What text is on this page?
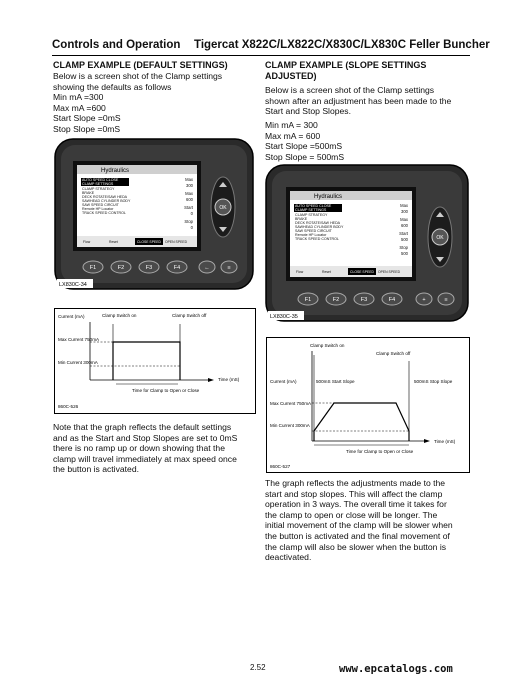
Controls and Operation Tigercat X822C/LX822C/X830C/LX830C Feller Buncher
CLAMP EXAMPLE (DEFAULT SETTINGS)
Below is a screen shot of the Clamp settings
showing the defaults as follows
Min mA =300
Max mA =600
Start Slope =0mS
Stop Slope =0mS
CLAMP EXAMPLE (SLOPE SETTINGS
ADJUSTED)
Below is a screen shot of the Clamp settings
shown after an adjustment has been made to the
Start and Stop Slopes.
Min mA = 300
Max mA = 600
Start Slope =500mS
Stop Slope = 500mS
Hydraulics
AUTO SPEED CLOSE
CLAMP SETTINGS
CLAMP STRATEGY
BRAKE
DECK ROTATE/SAW HEDA
SAWHEAD CYLINDER BODY
SAW SPEED CIRCUIT
Remote HP Locator
TRACK SPEED CONTROL
Max
300
Max
600
Start
0
Stop
0
Flow	Reset	CLOSE SPEED OPEN SPEED
OK
F1	F2	F3	F4	←	≡
LX830C-34
Hydraulics
AUTO SPEED CLOSE
CLAMP SETTINGS
CLAMP STRATEGY
BRAKE
DECK ROTATE/SAW HEDA
SAWHEAD CYLINDER BODY
SAW SPEED CIRCUIT
Remote HP Locator
TRACK SPEED CONTROL
Max
300
Max
600
Start
500
Stop
500
Flow	Reset	CLOSE SPEED OPEN SPEED
OK
F1	F2	F3	F4	+	≡
LX830C-35
Current (mA)	Clamp Switch on	Clamp Switch off
Max Current 750mA
Min Current 300mA
Time (mS)
Time for Clamp to Open or Close
860C-526
Note that the graph reflects the default settings
and as the Start and Stop Slopes are set to 0mS
there is no ramp up or down showing that the
clamp will travel immediately at max speed once
the button is activated.
Current (mA)
Clamp Switch on
Clamp Switch off
500mS Start Slope	500mS Stop Slope
Max Current 750mA
Min Current 300mA
Time (mS)
Time for Clamp to Open or Close
860C-527
The graph reflects the adjustments made to the
start and stop slopes. This will affect the clamp
operation in 3 ways. The overall time it takes for
the clamp to open or close will be longer. The
initial movement of the clamp will be slower when
the button is activated and the final movement of
the clamp will also be slower when the button is
deactivated.
2.52	www.epcatalogs.com
